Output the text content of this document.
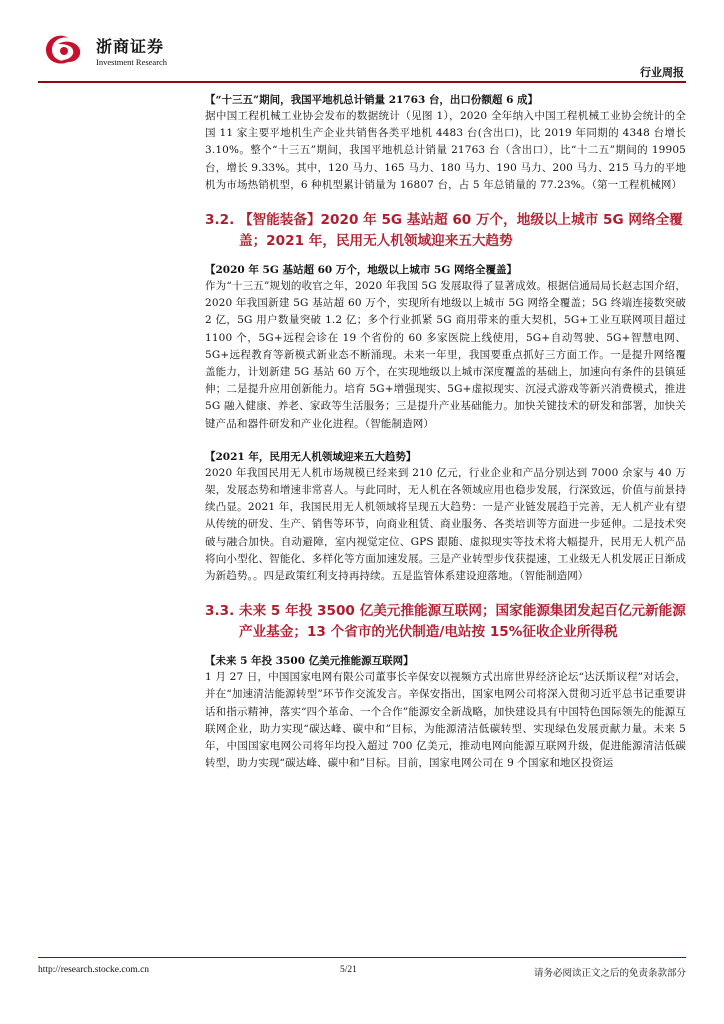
浙商证券
Investment Research
行业周报
【“十三五”期间，我国平地机总计销量 21763 台，出口份额超 6 成】

据中国工程机械工业协会发布的数据统计（见图 1），2020 全年纳入中国工程机械工业协会统计的全国 11 家主要平地机生产企业共销售各类平地机 4483 台(含出口)，比 2019 年同期的 4348 台增长 3.10%。整个“十三五”期间，我国平地机总计销量 21763 台（含出口），比“十二五”期间的 19905 台，增长 9.33%。其中，120 马力、165 马力、180 马力、190 马力、200 马力、215 马力的平地机为市场热销机型，6 种机型累计销量为 16807 台，占 5 年总销量的 77.23%。（第一工程机械网）

3.2. 【智能装备】2020 年 5G 基站超 60 万个，地级以上城市 5G 网络全覆盖；2021 年，民用无人机领域迎来五大趋势
【2020 年 5G 基站超 60 万个，地级以上城市 5G 网络全覆盖】

作为“十三五”规划的收官之年，2020 年我国 5G 发展取得了显著成效。根据信通局局长赵志国介绍，2020 年我国新建 5G 基站超 60 万个，实现所有地级以上城市 5G 网络全覆盖；5G 终端连接数突破 2 亿，5G 用户数量突破 1.2 亿；多个行业抓紧 5G 商用带来的重大契机，5G+工业互联网项目超过 1100 个，5G+远程会诊在 19 个省份的 60 多家医院上线使用，5G+自动驾驶、5G+智慧电网、5G+远程教育等新模式新业态不断涌现。未来一年里，我国要重点抓好三方面工作。一是提升网络覆盖能力，计划新建 5G 基站 60 万个，在实现地级以上城市深度覆盖的基础上，加速向有条件的县镇延伸；二是提升应用创新能力。培育 5G+增强现实、5G+虚拟现实、沉浸式游戏等新兴消费模式，推进 5G 融入健康、养老、家政等生活服务；三是提升产业基础能力。加快关键技术的研发和部署，加快关键产品和器件研发和产业化进程。（智能制造网）

【2021 年，民用无人机领域迎来五大趋势】

2020 年我国民用无人机市场规模已经来到 210 亿元，行业企业和产品分别达到 7000 余家与 40 万架，发展态势和增速非常喜人。与此同时，无人机在各领域应用也稳步发展，行深致远，价值与前景持续凸显。2021 年，我国民用无人机领域将呈现五大趋势：一是产业链发展趋于完善，无人机产业有望从传统的研发、生产、销售等环节，向商业租赁、商业服务、各类培训等方面进一步延伸。二是技术突破与融合加快。自动避障，室内视觉定位、GPS 跟随、虚拟现实等技术将大幅提升，民用无人机产品将向小型化、智能化、多样化等方面加速发展。三是产业转型步伐获提速，工业级无人机发展正日渐成为新趋势。。四是政策红利支持再持续。五是监管体系建设迎落地。（智能制造网）

3.3. 未来 5 年投 3500 亿美元推能源互联网；国家能源集团发起百亿元新能源产业基金；13 个省市的光伏制造/电站按 15%征收企业所得税
【未来 5 年投 3500 亿美元推能源互联网】

1 月 27 日，中国国家电网有限公司董事长辛保安以视频方式出席世界经济论坛“达沃斯议程”对话会，并在“加速清洁能源转型”环节作交流发言。辛保安指出，国家电网公司将深入贯彻习近平总书记重要讲话和指示精神，落实“四个革命、一个合作”能源安全新战略，加快建设具有中国特色国际领先的能源互联网企业，助力实现“碳达峰、碳中和”目标，为能源清洁低碳转型、实现绿色发展贡献力量。未来 5 年，中国国家电网公司将年均投入超过 700 亿美元，推动电网向能源互联网升级，促进能源清洁低碳转型，助力实现“碳达峰、碳中和”目标。目前，国家电网公司在 9 个国家和地区投资运

http://research.stocke.com.cn	5/21	请务必阅读正文之后的免责条款部分
